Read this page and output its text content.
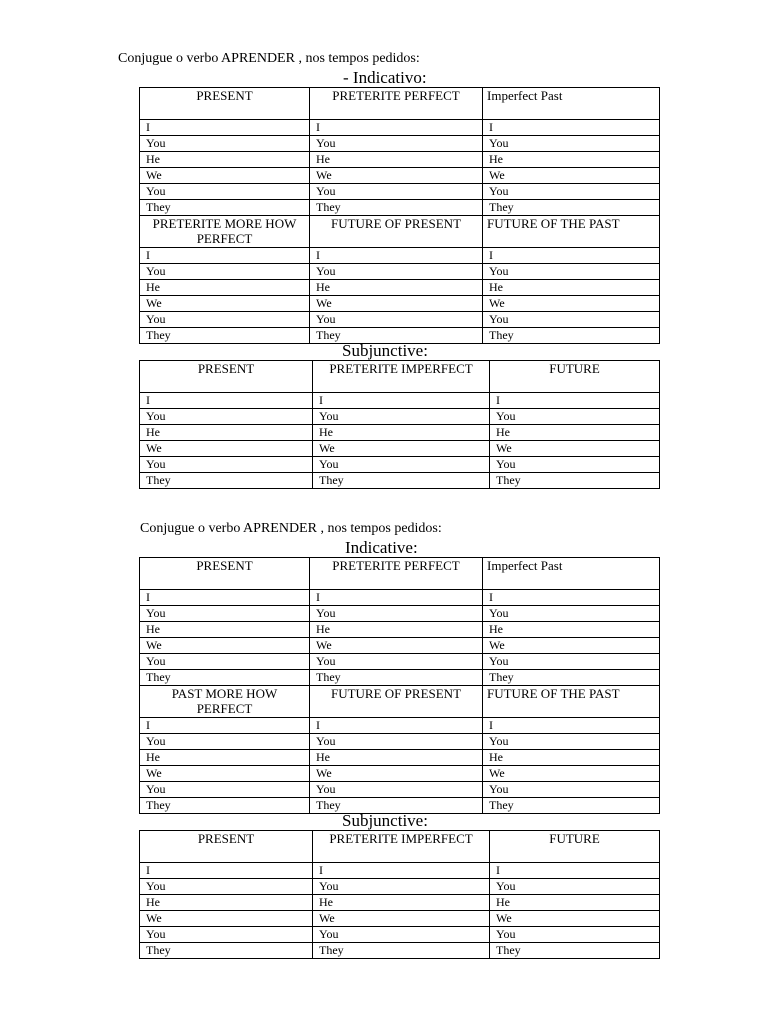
Conjugue o verbo APRENDER , nos tempos pedidos:
- Indicativo:
PRESENT	PRETERITE PERFECT	Imperfect Past
I	I	I
You	You	You
He	He	He
We	We	We
You	You	You
They	They	They
PRETERITE MORE HOW PERFECT	FUTURE OF PRESENT	FUTURE OF THE PAST
I	I	I
You	You	You
He	He	He
We	We	We
You	You	You
They	They	They
Subjunctive:
PRESENT	PRETERITE IMPERFECT	FUTURE
I	I	I
You	You	You
He	He	He
We	We	We
You	You	You
They	They	They
Conjugue o verbo APRENDER , nos tempos pedidos:
Indicative:
PRESENT	PRETERITE PERFECT	Imperfect Past
I	I	I
You	You	You
He	He	He
We	We	We
You	You	You
They	They	They
PAST MORE HOW PERFECT	FUTURE OF PRESENT	FUTURE OF THE PAST
I	I	I
You	You	You
He	He	He
We	We	We
You	You	You
They	They	They
Subjunctive:
PRESENT	PRETERITE IMPERFECT	FUTURE
I	I	I
You	You	You
He	He	He
We	We	We
You	You	You
They	They	They
